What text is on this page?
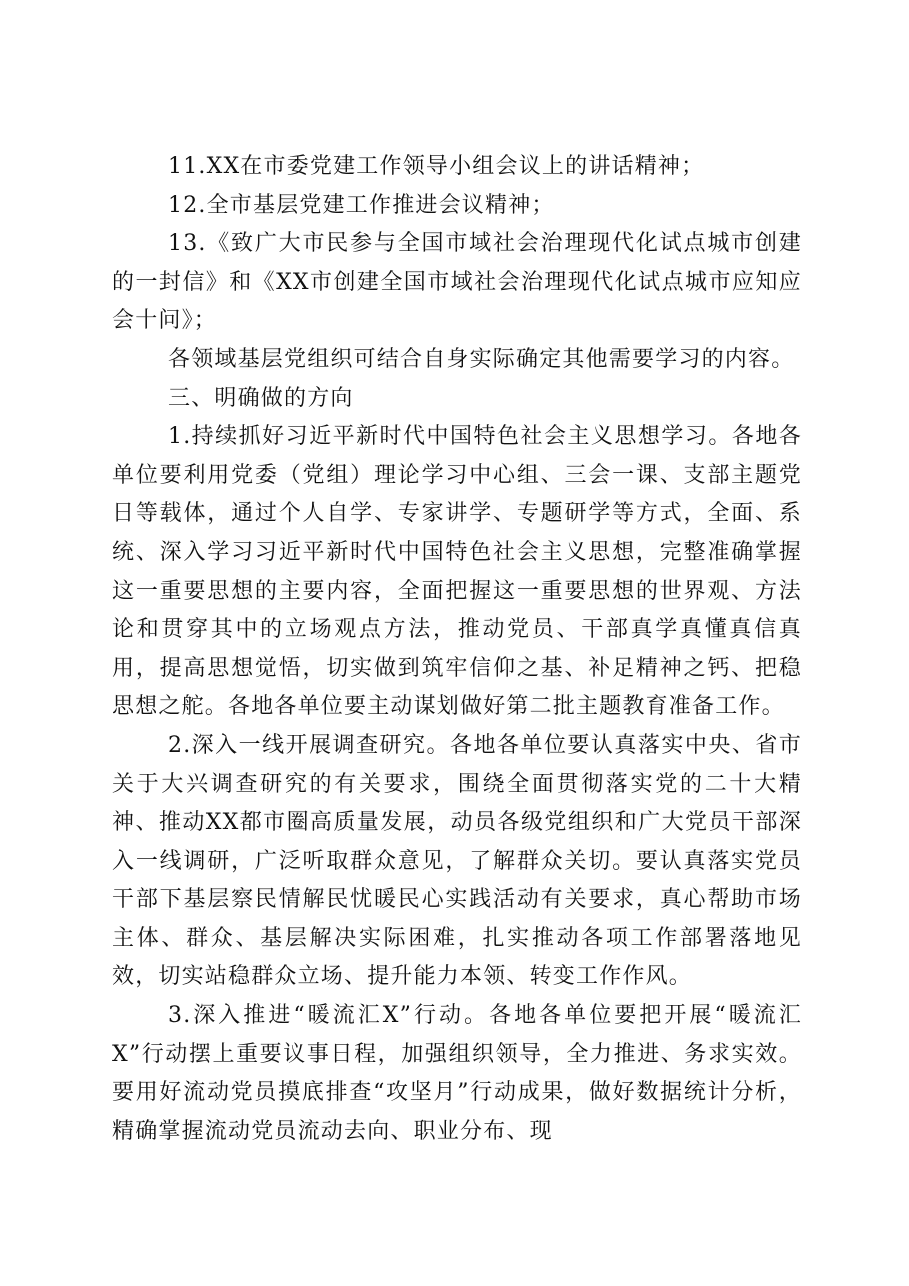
11.XX在市委党建工作领导小组会议上的讲话精神；

12.全市基层党建工作推进会议精神；

13.《致广大市民参与全国市域社会治理现代化试点城市创建的一封信》和《XX市创建全国市域社会治理现代化试点城市应知应会十问》；

各领域基层党组织可结合自身实际确定其他需要学习的内容。

三、明确做的方向

1.持续抓好习近平新时代中国特色社会主义思想学习。各地各单位要利用党委（党组）理论学习中心组、三会一课、支部主题党日等载体，通过个人自学、专家讲学、专题研学等方式，全面、系统、深入学习习近平新时代中国特色社会主义思想，完整准确掌握这一重要思想的主要内容，全面把握这一重要思想的世界观、方法论和贯穿其中的立场观点方法，推动党员、干部真学真懂真信真用，提高思想觉悟，切实做到筑牢信仰之基、补足精神之钙、把稳思想之舵。各地各单位要主动谋划做好第二批主题教育准备工作。

2.深入一线开展调查研究。各地各单位要认真落实中央、省市关于大兴调查研究的有关要求，围绕全面贯彻落实党的二十大精神、推动XX都市圈高质量发展，动员各级党组织和广大党员干部深入一线调研，广泛听取群众意见，了解群众关切。要认真落实党员干部下基层察民情解民忧暖民心实践活动有关要求，真心帮助市场主体、群众、基层解决实际困难，扎实推动各项工作部署落地见效，切实站稳群众立场、提升能力本领、转变工作作风。

3.深入推进“暖流汇X”行动。各地各单位要把开展“暖流汇X”行动摆上重要议事日程，加强组织领导，全力推进、务求实效。要用好流动党员摸底排查“攻坚月”行动成果，做好数据统计分析，精确掌握流动党员流动去向、职业分布、现
